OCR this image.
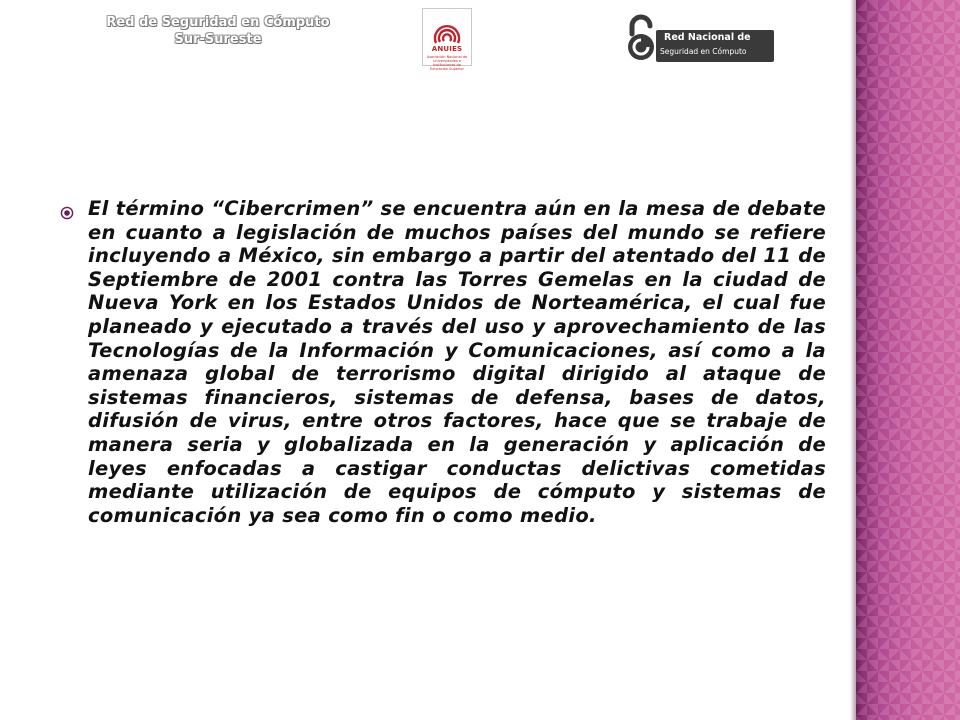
Red de Seguridad en Cómputo
Sur-Sureste
ANUIES
Asociación Nacional de Universidades e Instituciones de Educación Superior
Red Nacional de
Seguridad en Cómputo

El término “Cibercrimen” se encuentra aún en la mesa de debate en cuanto a legislación de muchos países del mundo se refiere incluyendo a México, sin embargo a partir del atentado del 11 de Septiembre de 2001 contra las Torres Gemelas en la ciudad de Nueva York en los Estados Unidos de Norteamérica, el cual fue planeado y ejecutado a través del uso y aprovechamiento de las Tecnologías de la Información y Comunicaciones, así como a la amenaza global de terrorismo digital dirigido al ataque de sistemas financieros, sistemas de defensa, bases de datos, difusión de virus, entre otros factores, hace que se trabaje de manera seria y globalizada en la generación y aplicación de leyes enfocadas a castigar conductas delictivas cometidas mediante utilización de equipos de cómputo y sistemas de comunicación ya sea como fin o como medio.
